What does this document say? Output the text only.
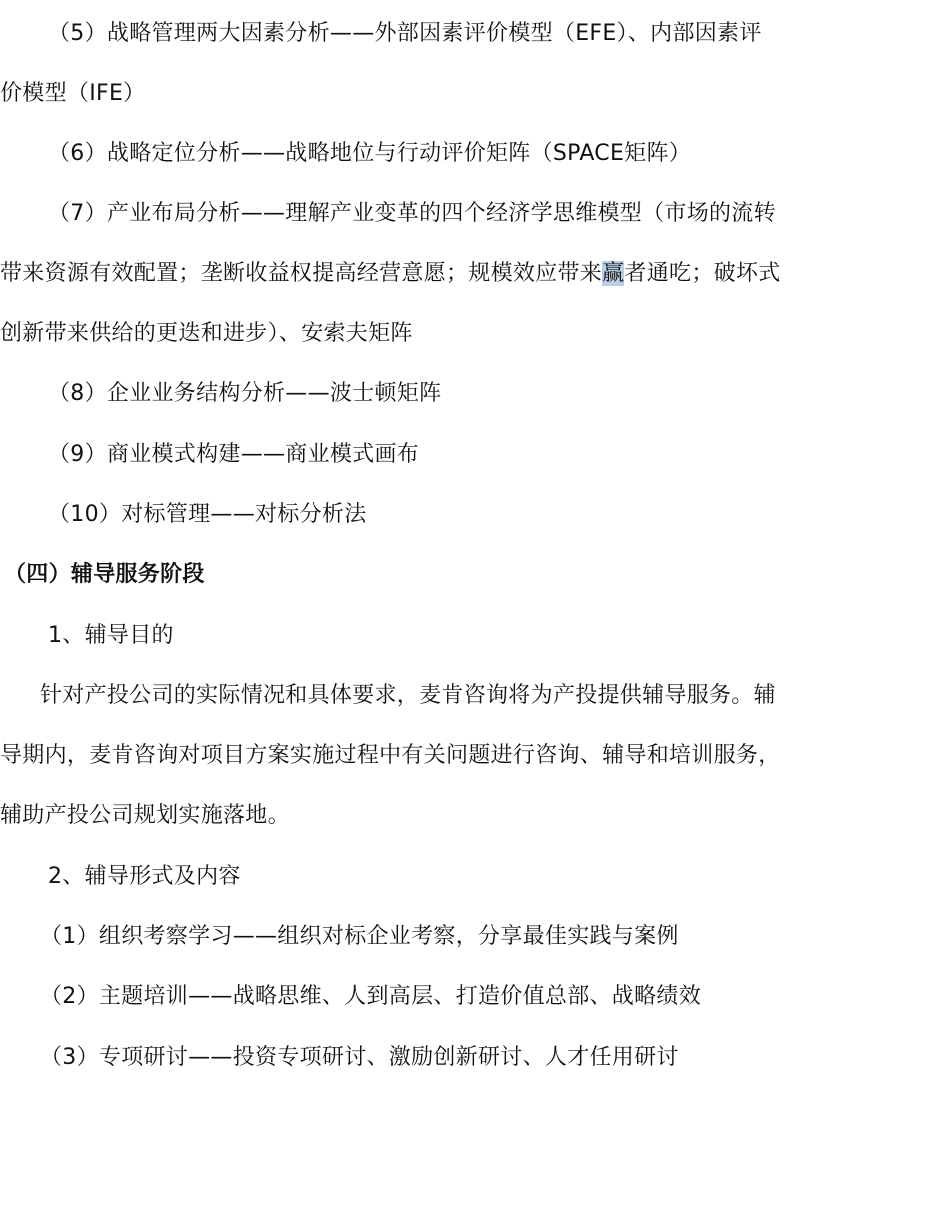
（5）战略管理两大因素分析——外部因素评价模型（EFE）、内部因素评
价模型（IFE）
（6）战略定位分析——战略地位与行动评价矩阵（SPACE矩阵）
（7）产业布局分析——理解产业变革的四个经济学思维模型（市场的流转
带来资源有效配置；垄断收益权提高经营意愿；规模效应带来赢者通吃；破坏式
创新带来供给的更迭和进步）、安索夫矩阵
（8）企业业务结构分析——波士顿矩阵
（9）商业模式构建——商业模式画布
（10）对标管理——对标分析法
（四）辅导服务阶段
1、辅导目的
针对产投公司的实际情况和具体要求，麦肯咨询将为产投提供辅导服务。辅
导期内，麦肯咨询对项目方案实施过程中有关问题进行咨询、辅导和培训服务，
辅助产投公司规划实施落地。
2、辅导形式及内容
（1）组织考察学习——组织对标企业考察，分享最佳实践与案例
（2）主题培训——战略思维、人到高层、打造价值总部、战略绩效
（3）专项研讨——投资专项研讨、激励创新研讨、人才任用研讨
